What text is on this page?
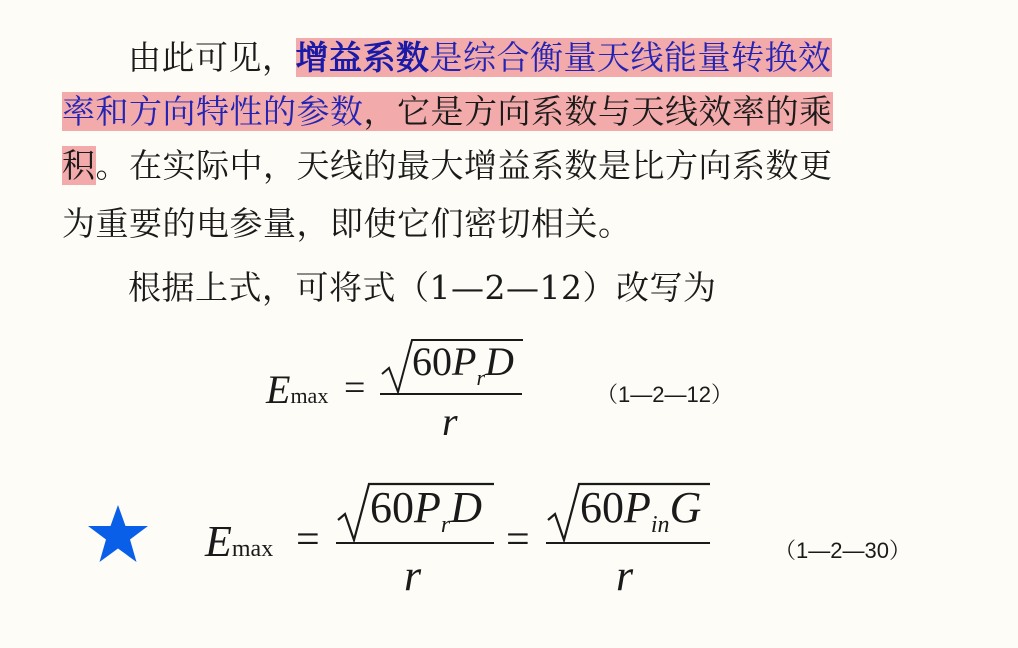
由此可见，增益系数是综合衡量天线能量转换效
率和方向特性的参数，它是方向系数与天线效率的乘
积。在实际中，天线的最大增益系数是比方向系数更
为重要的电参量，即使它们密切相关。
根据上式，可将式（1—2—12）改写为
Emax =
$60P_rD$
r
（1—2—12）
Emax =
$60P_rD$
r
=
$60P_{in}G$
r
（1—2—30）
